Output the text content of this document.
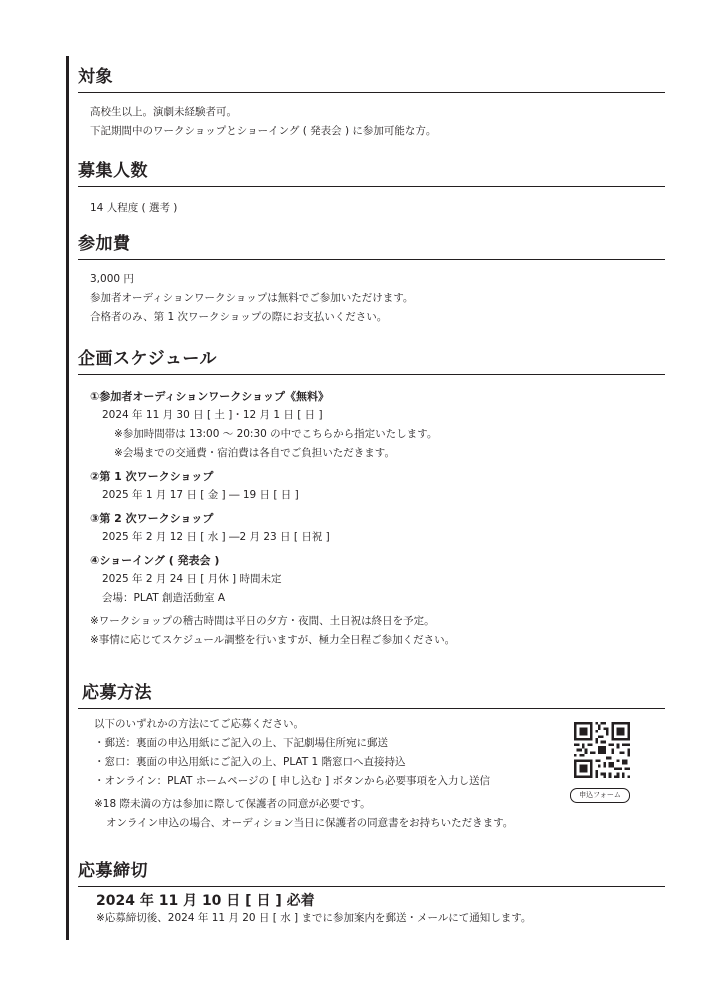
対象

高校生以上。演劇未経験者可。

下記期間中のワークショップとショーイング ( 発表会 ) に参加可能な方。

募集人数

14 人程度 ( 選考 )

参加費

3,000 円

参加者オーディションワークショップは無料でご参加いただけます。

合格者のみ、第 1 次ワークショップの際にお支払いください。

企画スケジュール
①参加者オーディションワークショップ《無料》

2024 年 11 月 30 日 [ 土 ]・12 月 1 日 [ 日 ]

※参加時間帯は 13:00 〜 20:30 の中でこちらから指定いたします。

※会場までの交通費・宿泊費は各自でご負担いただきます。

②第 1 次ワークショップ

2025 年 1 月 17 日 [ 金 ] ― 19 日 [ 日 ]

③第 2 次ワークショップ

2025 年 2 月 12 日 [ 水 ] ―2 月 23 日 [ 日祝 ]

④ショーイング ( 発表会 )

2025 年 2 月 24 日 [ 月休 ] 時間未定

会場：PLAT 創造活動室 A

※ワークショップの稽古時間は平日の夕方・夜間、土日祝は終日を予定。

※事情に応じてスケジュール調整を行いますが、極力全日程ご参加ください。

応募方法

以下のいずれかの方法にてご応募ください。

・郵送：裏面の申込用紙にご記入の上、下記劇場住所宛に郵送

・窓口：裏面の申込用紙にご記入の上、PLAT 1 階窓口へ直接持込

・オンライン：PLAT ホームページの [ 申し込む ] ボタンから必要事項を入力し送信

※18 際未満の方は参加に際して保護者の同意が必要です。

オンライン申込の場合、オーディション当日に保護者の同意書をお持ちいただきます。

申込フォーム
応募締切
2024 年 11 月 10 日 [ 日 ] 必着

※応募締切後、2024 年 11 月 20 日 [ 水 ] までに参加案内を郵送・メールにて通知します。
